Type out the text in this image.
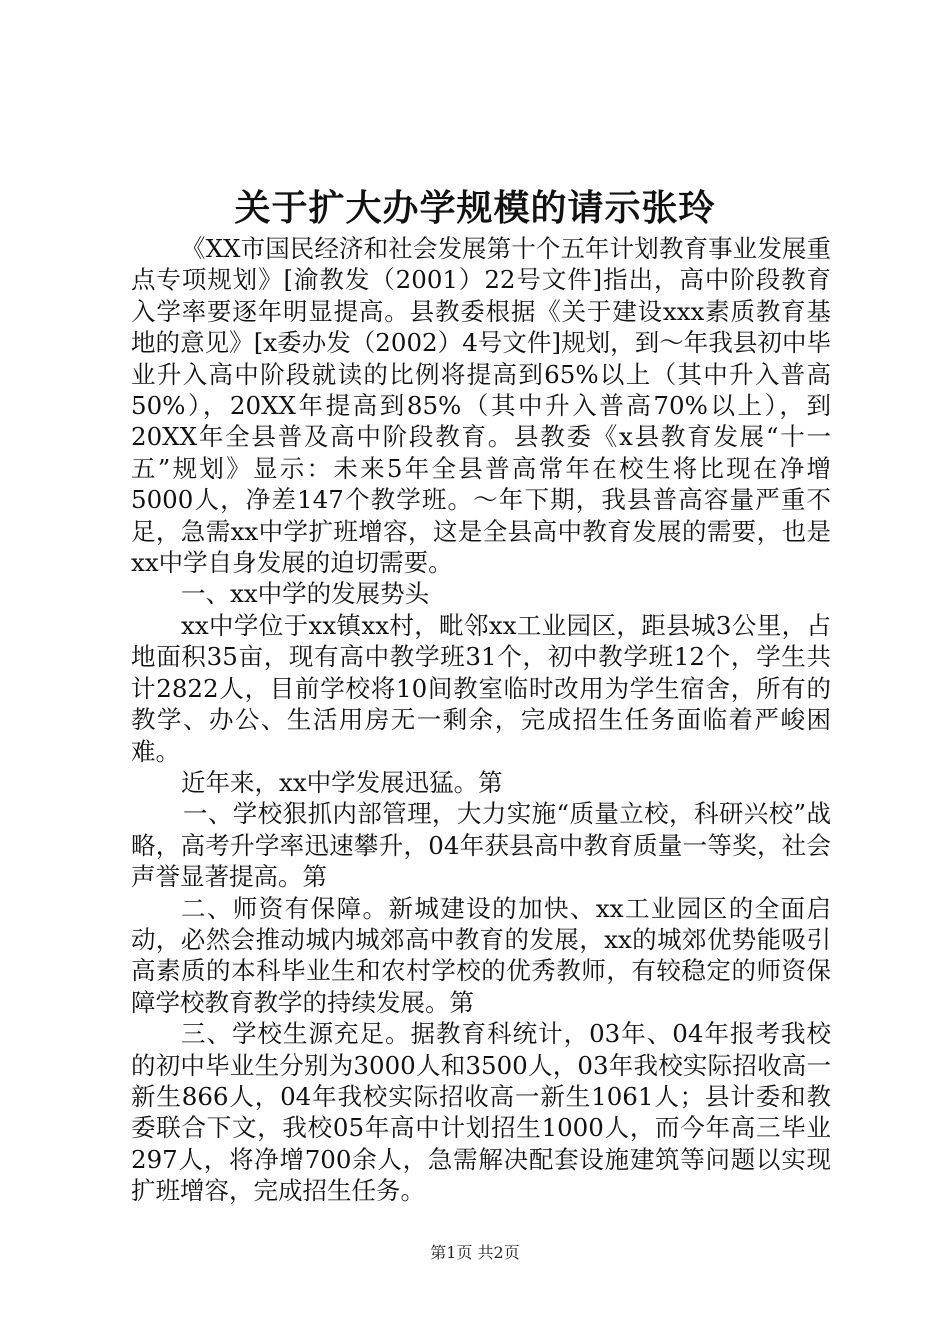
关于扩大办学规模的请示张玲

《XX市国民经济和社会发展第十个五年计划教育事业发展重点专项规划》[渝教发（2001）22号文件]指出，高中阶段教育入学率要逐年明显提高。县教委根据《关于建设xxx素质教育基地的意见》[x委办发（2002）4号文件]规划，到～年我县初中毕业升入高中阶段就读的比例将提高到65%以上（其中升入普高50%），20XX年提高到85%（其中升入普高70%以上），到20XX年全县普及高中阶段教育。县教委《x县教育发展“十一五”规划》显示：未来5年全县普高常年在校生将比现在净增5000人，净差147个教学班。～年下期，我县普高容量严重不足，急需xx中学扩班增容，这是全县高中教育发展的需要，也是xx中学自身发展的迫切需要。

一、xx中学的发展势头

xx中学位于xx镇xx村，毗邻xx工业园区，距县城3公里，占地面积35亩，现有高中教学班31个，初中教学班12个，学生共计2822人，目前学校将10间教室临时改用为学生宿舍，所有的教学、办公、生活用房无一剩余，完成招生任务面临着严峻困难。

近年来，xx中学发展迅猛。第

一、学校狠抓内部管理，大力实施“质量立校，科研兴校”战略，高考升学率迅速攀升，04年获县高中教育质量一等奖，社会声誉显著提高。第

二、师资有保障。新城建设的加快、xx工业园区的全面启动，必然会推动城内城郊高中教育的发展，xx的城郊优势能吸引高素质的本科毕业生和农村学校的优秀教师，有较稳定的师资保障学校教育教学的持续发展。第

三、学校生源充足。据教育科统计，03年、04年报考我校的初中毕业生分别为3000人和3500人，03年我校实际招收高一新生866人，04年我校实际招收高一新生1061人；县计委和教委联合下文，我校05年高中计划招生1000人，而今年高三毕业297人，将净增700余人，急需解决配套设施建筑等问题以实现扩班增容，完成招生任务。

第1页 共2页
